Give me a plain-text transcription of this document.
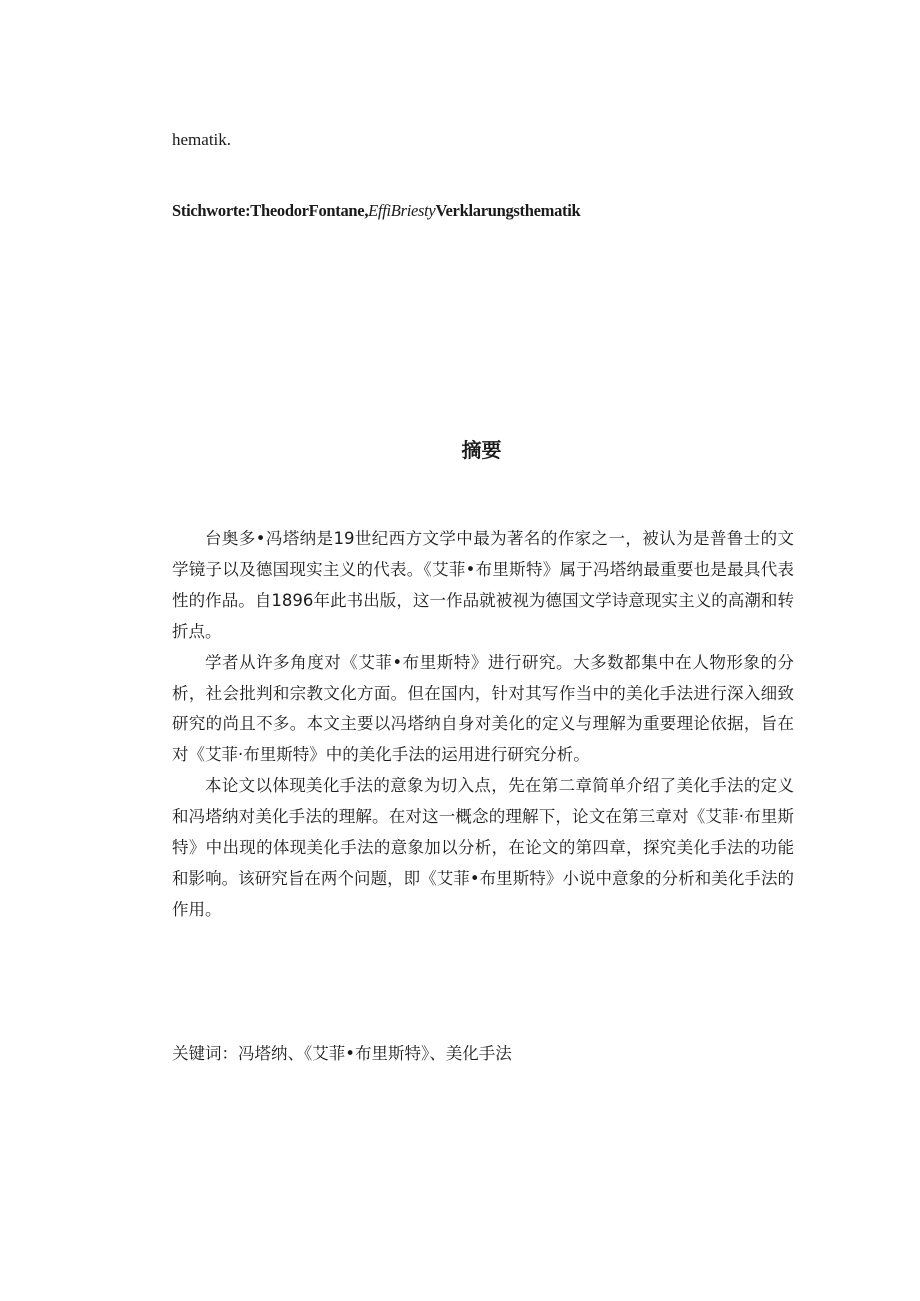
hematik.

Stichworte:TheodorFontane,EffiBriestyVerklarungsthematik

摘要

台奥多•冯塔纳是19世纪西方文学中最为著名的作家之一，被认为是普鲁士的文学镜子以及德国现实主义的代表。《艾菲•布里斯特》属于冯塔纳最重要也是最具代表性的作品。自1896年此书出版，这一作品就被视为德国文学诗意现实主义的高潮和转折点。

学者从许多角度对《艾菲•布里斯特》进行研究。大多数都集中在人物形象的分析，社会批判和宗教文化方面。但在国内，针对其写作当中的美化手法进行深入细致研究的尚且不多。本文主要以冯塔纳自身对美化的定义与理解为重要理论依据，旨在对《艾菲·布里斯特》中的美化手法的运用进行研究分析。

本论文以体现美化手法的意象为切入点，先在第二章简单介绍了美化手法的定义和冯塔纳对美化手法的理解。在对这一概念的理解下，论文在第三章对《艾菲·布里斯特》中出现的体现美化手法的意象加以分析，在论文的第四章，探究美化手法的功能和影响。该研究旨在两个问题，即《艾菲•布里斯特》小说中意象的分析和美化手法的作用。

关键词：冯塔纳、《艾菲•布里斯特》、美化手法
